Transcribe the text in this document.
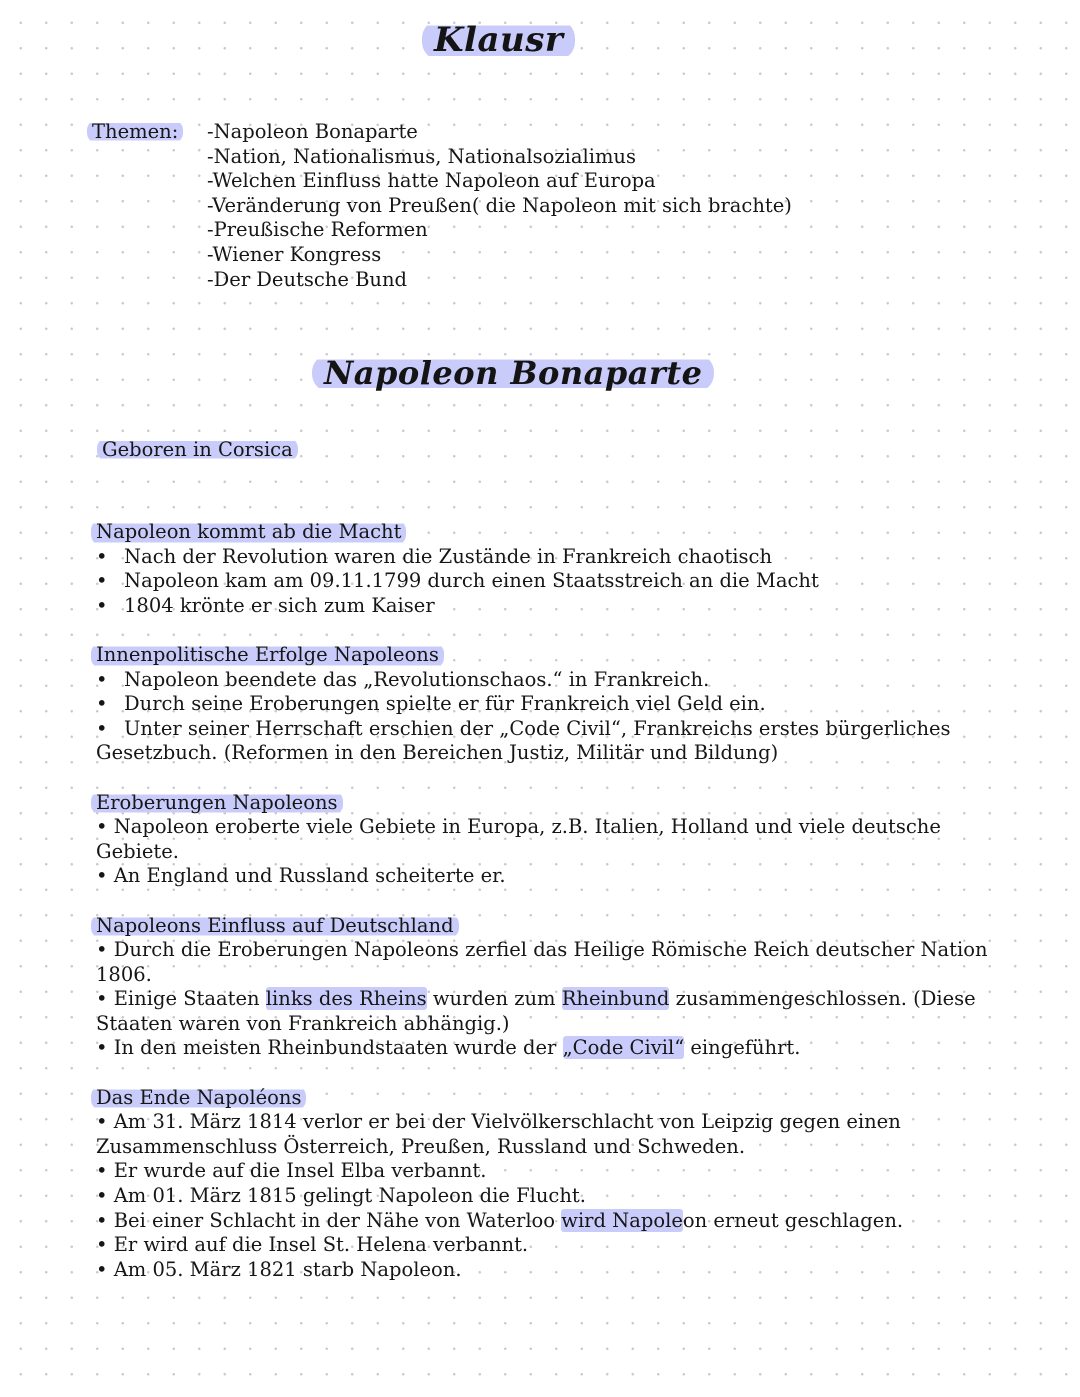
Klausr
Themen: -Napoleon Bonaparte
-Nation, Nationalismus, Nationalsozialimus
-Welchen Einfluss hatte Napoleon auf Europa
-Veränderung von Preußen( die Napoleon mit sich brachte)
-Preußische Reformen
-Wiener Kongress
-Der Deutsche Bund
Napoleon Bonaparte
Geboren in Corsica
Napoleon kommt ab die Macht
• Nach der Revolution waren die Zustände in Frankreich chaotisch
• Napoleon kam am 09.11.1799 durch einen Staatsstreich an die Macht
• 1804 krönte er sich zum Kaiser
Innenpolitische Erfolge Napoleons
• Napoleon beendete das „Revolutionschaos.“ in Frankreich.
• Durch seine Eroberungen spielte er für Frankreich viel Geld ein.
• Unter seiner Herrschaft erschien der „Code Civil“, Frankreichs erstes bürgerliches

Gesetzbuch. (Reformen in den Bereichen Justiz, Militär und Bildung)

Eroberungen Napoleons

• Napoleon eroberte viele Gebiete in Europa, z.B. Italien, Holland und viele deutsche Gebiete.

• An England und Russland scheiterte er.

Napoleons Einfluss auf Deutschland

• Durch die Eroberungen Napoleons zerfiel das Heilige Römische Reich deutscher Nation 1806.

• Einige Staaten links des Rheins wurden zum Rheinbund zusammengeschlossen. (Diese Staaten waren von Frankreich abhängig.)

• In den meisten Rheinbundstaaten wurde der „Code Civil“ eingeführt.

Das Ende Napoléons

• Am 31. März 1814 verlor er bei der Vielvölkerschlacht von Leipzig gegen einen Zusammenschluss Österreich, Preußen, Russland und Schweden.

• Er wurde auf die Insel Elba verbannt.

• Am 01. März 1815 gelingt Napoleon die Flucht.

• Bei einer Schlacht in der Nähe von Waterloo wird Napoleon erneut geschlagen.

• Er wird auf die Insel St. Helena verbannt.

• Am 05. März 1821 starb Napoleon.
